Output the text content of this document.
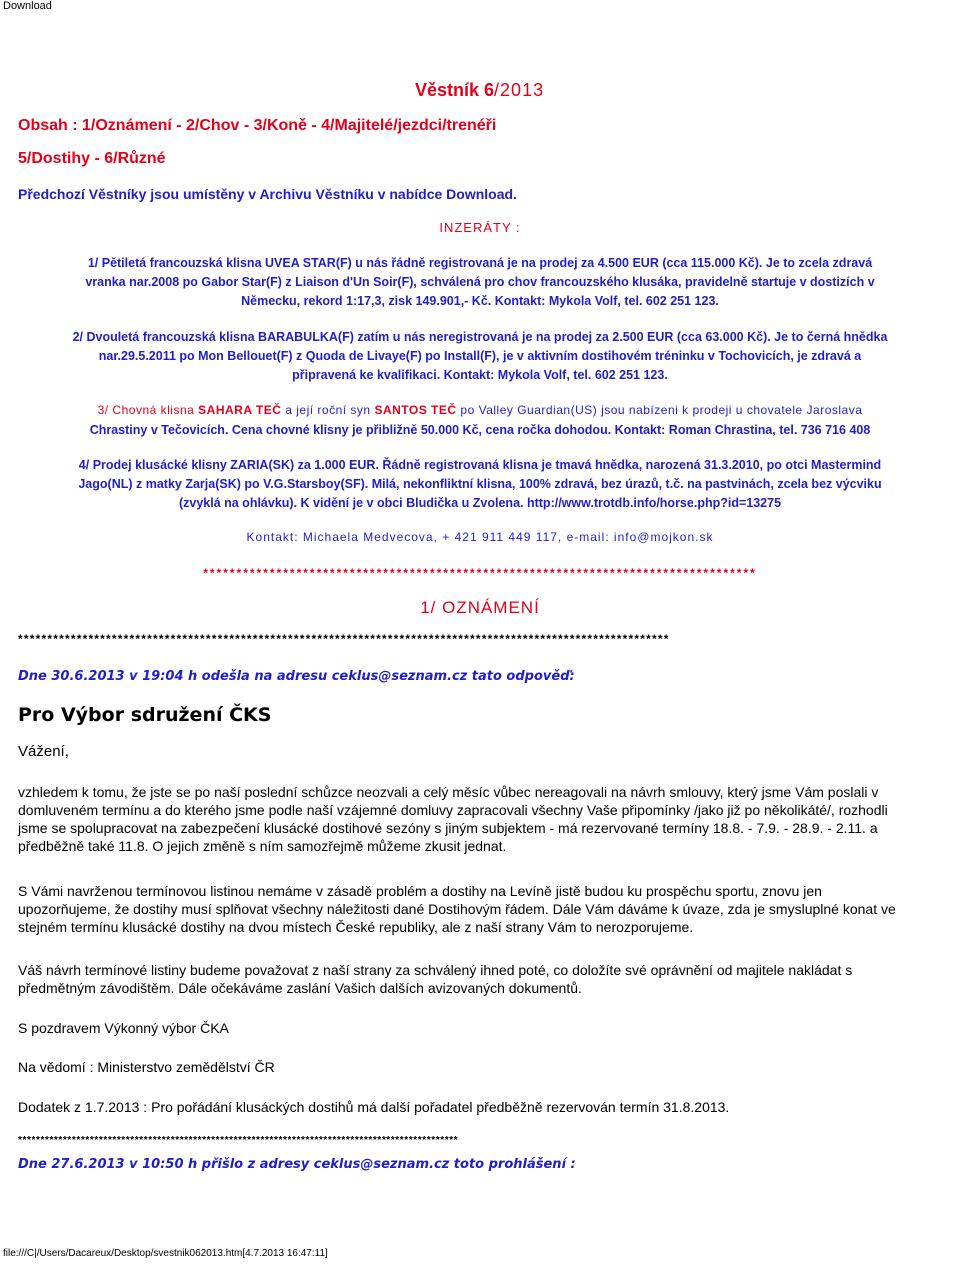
Download
Věstník 6/2013
Obsah : 1/Oznámení - 2/Chov - 3/Koně - 4/Majitelé/jezdci/trenéři
5/Dostihy - 6/Různé
Předchozí Věstníky jsou umístěny v Archivu Věstníku v nabídce Download.
INZERÁTY :
1/ Pětiletá francouzská klisna UVEA STAR(F) u nás řádně registrovaná je na prodej za 4.500 EUR (cca 115.000 Kč). Je to zcela zdravá
vranka nar.2008 po Gabor Star(F) z Liaison d'Un Soir(F), schválená pro chov francouzského klusáka, pravidelně startuje v dostizích v
Německu, rekord 1:17,3, zisk 149.901,- Kč. Kontakt: Mykola Volf, tel. 602 251 123.
2/ Dvouletá francouzská klisna BARABULKA(F) zatím u nás neregistrovaná je na prodej za 2.500 EUR (cca 63.000 Kč). Je to černá hnědka
nar.29.5.2011 po Mon Bellouet(F) z Quoda de Livaye(F) po Install(F), je v aktivním dostihovém tréninku v Tochovicích, je zdravá a
připravená ke kvalifikaci. Kontakt: Mykola Volf, tel. 602 251 123.
3/ Chovná klisna SAHARA TEČ a její roční syn SANTOS TEČ po Valley Guardian(US) jsou nabízeni k prodeji u chovatele Jaroslava
Chrastiny v Tečovicích. Cena chovné klisny je přibližně 50.000 Kč, cena ročka dohodou. Kontakt: Roman Chrastina, tel. 736 716 408
4/ Prodej klusácké klisny ZARIA(SK) za 1.000 EUR. Řádně registrovaná klisna je tmavá hnědka, narozená 31.3.2010, po otci Mastermind
Jago(NL) z matky Zarja(SK) po V.G.Starsboy(SF). Milá, nekonfliktní klisna, 100% zdravá, bez úrazů, t.č. na pastvinách, zcela bez výcviku
(zvyklá na ohlávku). K vidění je v obci Bludička u Zvolena. http://www.trotdb.info/horse.php?id=13275
Kontakt: Michaela Medvecova, + 421 911 449 117, e-mail: info@mojkon.sk
***********************************************************************************
1/ OZNÁMENÍ
***************************************************************************************************************
Dne 30.6.2013 v 19:04 h odešla na adresu ceklus@seznam.cz tato odpověď:
Pro Výbor sdružení ČKS
Vážení,
vzhledem k tomu, že jste se po naší poslední schůzce neozvali a celý měsíc vůbec nereagovali na návrh smlouvy, který jsme Vám poslali v
domluveném termínu a do kterého jsme podle naší vzájemné domluvy zapracovali všechny Vaše připomínky /jako již po několikáté/, rozhodli
jsme se spolupracovat na zabezpečení klusácké dostihové sezóny s jiným subjektem - má rezervované termíny 18.8. - 7.9. - 28.9. - 2.11. a
předběžně také 11.8. O jejich změně s ním samozřejmě můžeme zkusit jednat.
S Vámi navrženou termínovou listinou nemáme v zásadě problém a dostihy na Levíně jistě budou ku prospěchu sportu, znovu jen
upozorňujeme, že dostihy musí splňovat všechny náležitosti dané Dostihovým řádem. Dále Vám dáváme k úvaze, zda je smysluplné konat ve
stejném termínu klusácké dostihy na dvou místech České republiky, ale z naší strany Vám to nerozporujeme.
Váš návrh termínové listiny budeme považovat z naší strany za schválený ihned poté, co doložíte své oprávnění od majitele nakládat s
předmětným závodištěm. Dále očekáváme zaslání Vašich dalších avizovaných dokumentů.
S pozdravem Výkonný výbor ČKA
Na vědomí : Ministerstvo zemědělství ČR
Dodatek z 1.7.2013 : Pro pořádání klusáckých dostihů má další pořadatel předběžně rezervován termín 31.8.2013.
**************************************************************************************************
Dne 27.6.2013 v 10:50 h přišlo z adresy ceklus@seznam.cz toto prohlášení :
file:///C|/Users/Dacareux/Desktop/svestnik062013.htm[4.7.2013 16:47:11]
